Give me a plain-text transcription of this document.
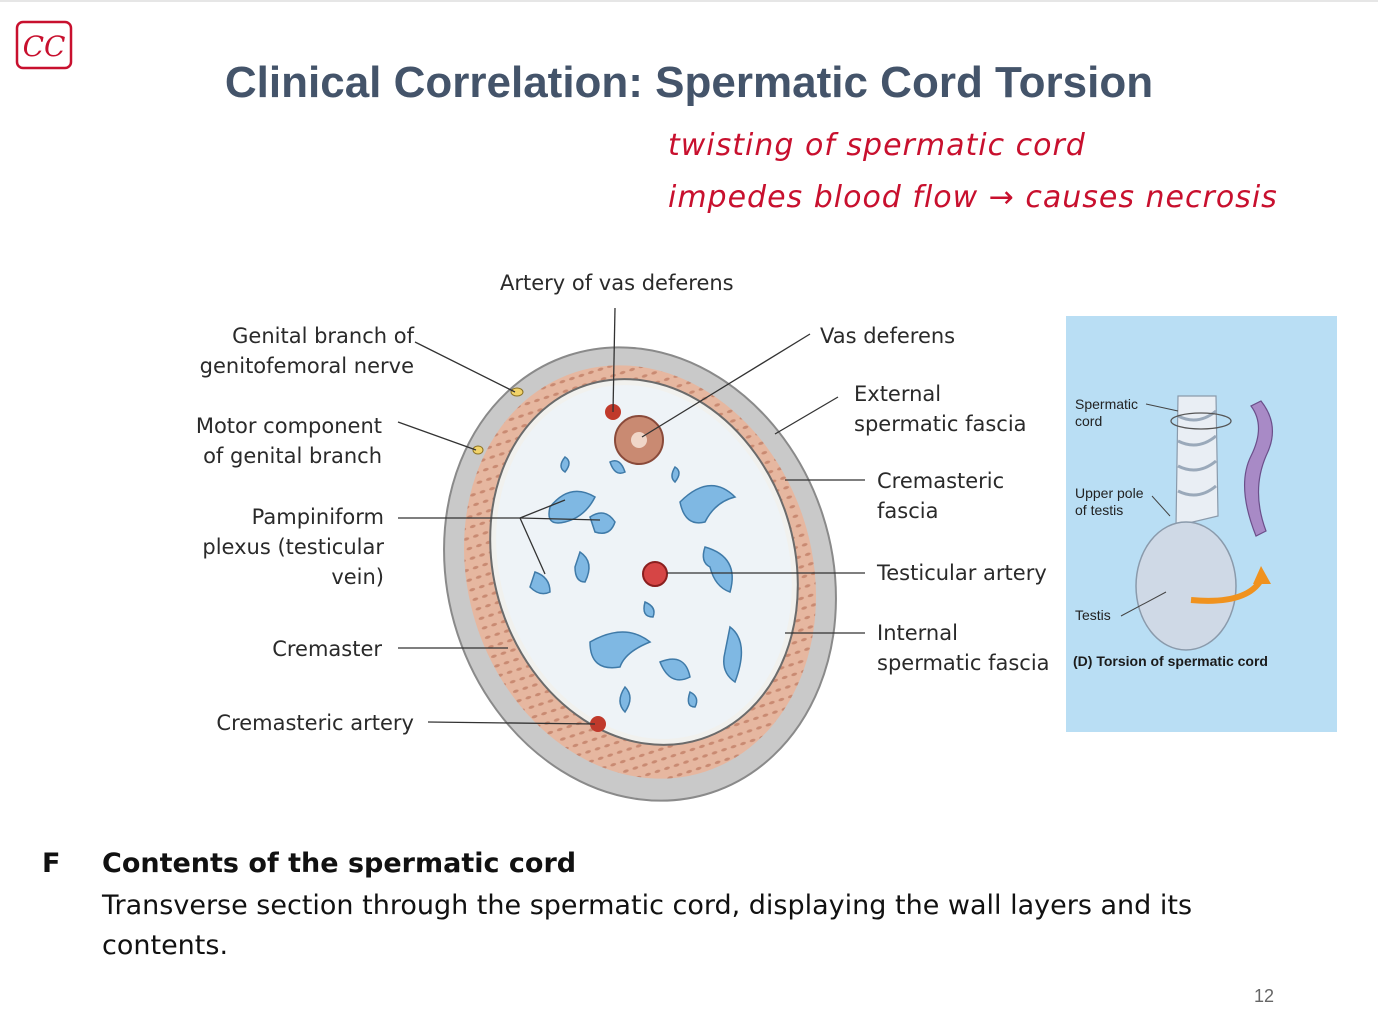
CC
Clinical Correlation: Spermatic Cord Torsion
twisting of spermatic cord
impedes blood flow → causes necrosis
Genital branch of
genitofemoral nerve
Motor component
of genital branch
Pampiniform
plexus (testicular
vein)
Cremaster
Cremasteric artery
Artery of vas deferens
Vas deferens
External
spermatic fascia
Cremasteric
fascia
Testicular artery
Internal
spermatic fascia
Spermatic
cord
Upper pole
of testis
Testis
(D) Torsion of spermatic cord
F Contents of the spermatic cord
Transverse section through the spermatic cord, displaying the wall layers and its contents.
12
